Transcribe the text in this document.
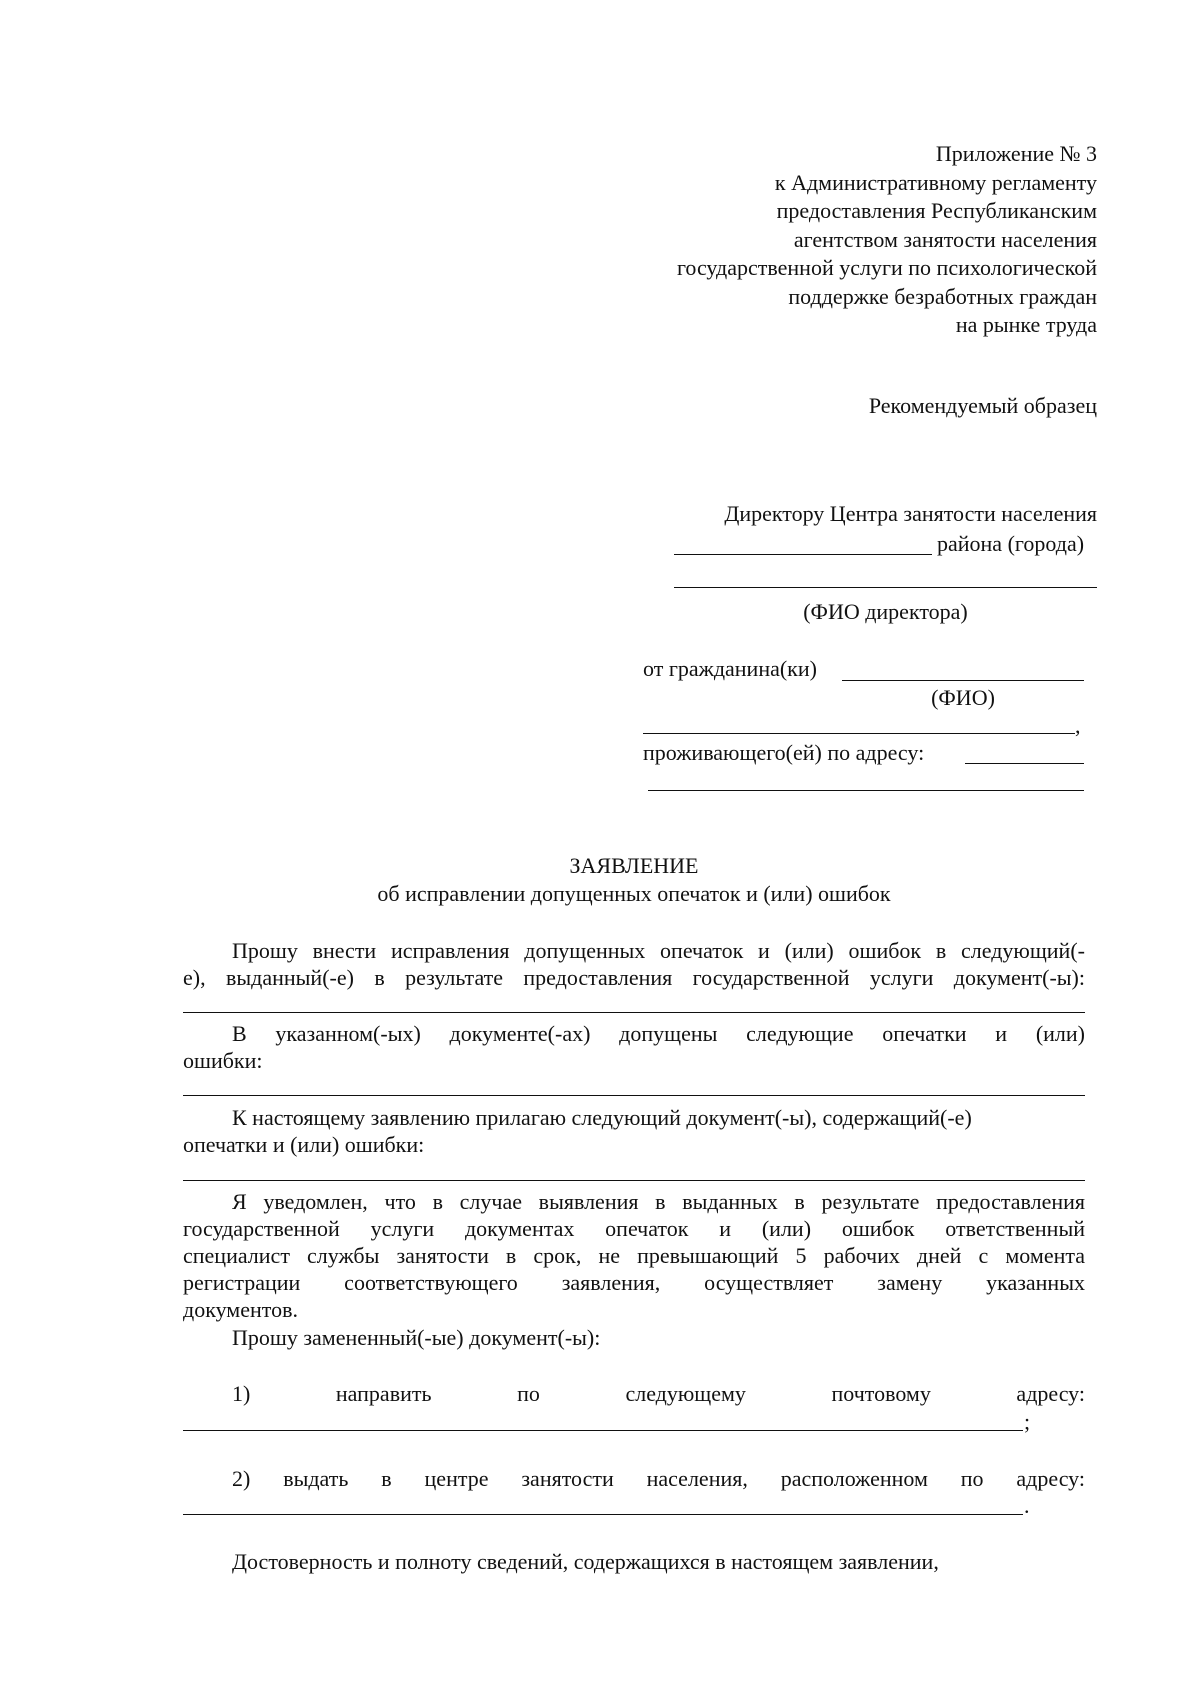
Приложение № 3
к Административному регламенту
предоставления Республиканским
агентством занятости населения
государственной услуги по психологической
поддержке безработных граждан
на рынке труда
Рекомендуемый образец
Директору Центра занятости населения
района (города)
(ФИО директора)
от гражданина(ки)
(ФИО)
,
проживающего(ей) по адресу:
ЗАЯВЛЕНИЕ
об исправлении допущенных опечаток и (или) ошибок
Прошу внести исправления допущенных опечаток и (или) ошибок в следующий(-
е), выданный(-е) в результате предоставления государственной услуги документ(-ы):
В указанном(-ых) документе(-ах) допущены следующие опечатки и (или)
ошибки:
К настоящему заявлению прилагаю следующий документ(-ы), содержащий(-е)
опечатки и (или) ошибки:
Я уведомлен, что в случае выявления в выданных в результате предоставления
государственной услуги документах опечаток и (или) ошибок ответственный
специалист службы занятости в срок, не превышающий 5 рабочих дней с момента
регистрации соответствующего заявления, осуществляет замену указанных
документов.
Прошу замененный(-ые) документ(-ы):
1) направить по следующему почтовому адресу:
;
2) выдать в центре занятости населения, расположенном по адресу:
.
Достоверность и полноту сведений, содержащихся в настоящем заявлении,
